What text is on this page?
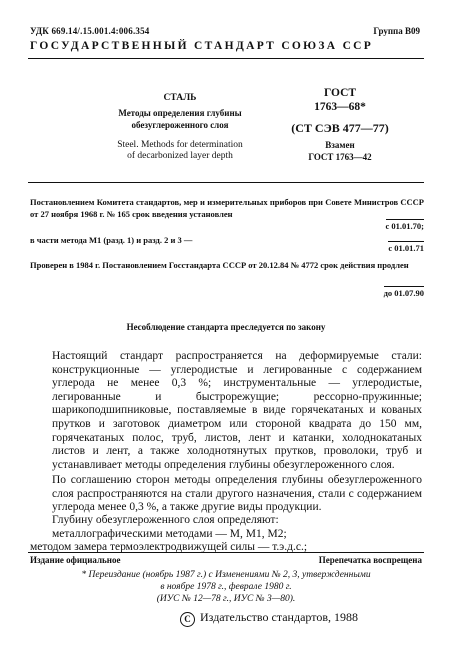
УДК 669.14/.15.001.4:006.354	Группа В09
ГОСУДАРСТВЕННЫЙ СТАНДАРТ СОЮЗА ССР
СТАЛЬ
Методы определения глубины
обезуглероженного слоя
Steel. Methods for determination
of decarbonized layer depth
ГОСТ
1763—68*
(СТ СЭВ 477—77)
Взамен
ГОСТ 1763—42
Постановлением Комитета стандартов, мер и измерительных приборов при Совете Министров СССР от 27 ноября 1968 г. № 165 срок введения установлен
с 01.01.70;
в части метода М1 (разд. 1) и разд. 2 и 3 —
с 01.01.71
Проверен в 1984 г. Постановлением Госстандарта СССР от 20.12.84 № 4772 срок действия продлен
до 01.07.90
Несоблюдение стандарта преследуется по закону
Настоящий стандарт распространяется на деформируемые стали: конструкционные — углеродистые и легированные с содержанием углерода не менее 0,3 %; инструментальные — углеродистые, легированные и быстрорежущие; рессорно-пружинные; шарикоподшипниковые, поставляемые в виде горячекатаных и кованых прутков и заготовок диаметром или стороной квадрата до 150 мм, горячекатаных полос, труб, листов, лент и катанки, холоднокатаных листов и лент, а также холоднотянутых прутков, проволоки, труб и устанавливает методы определения глубины обезуглероженного слоя.
По соглашению сторон методы определения глубины обезуглероженного слоя распространяются на стали другого назначения, стали с содержанием углерода менее 0,3 %, а также другие виды продукции.
Глубину обезуглероженного слоя определяют:
металлографическими методами — М, М1, М2;
методом замера термоэлектродвижущей силы — т.э.д.с.;
Издание официальное	Перепечатка воспрещена
* Переиздание (ноябрь 1987 г.) с Изменениями № 2, 3, утвержденными
в ноябре 1978 г., феврале 1980 г.
(ИУС № 12—78 г., ИУС № 3—80).
C Издательство стандартов, 1988
